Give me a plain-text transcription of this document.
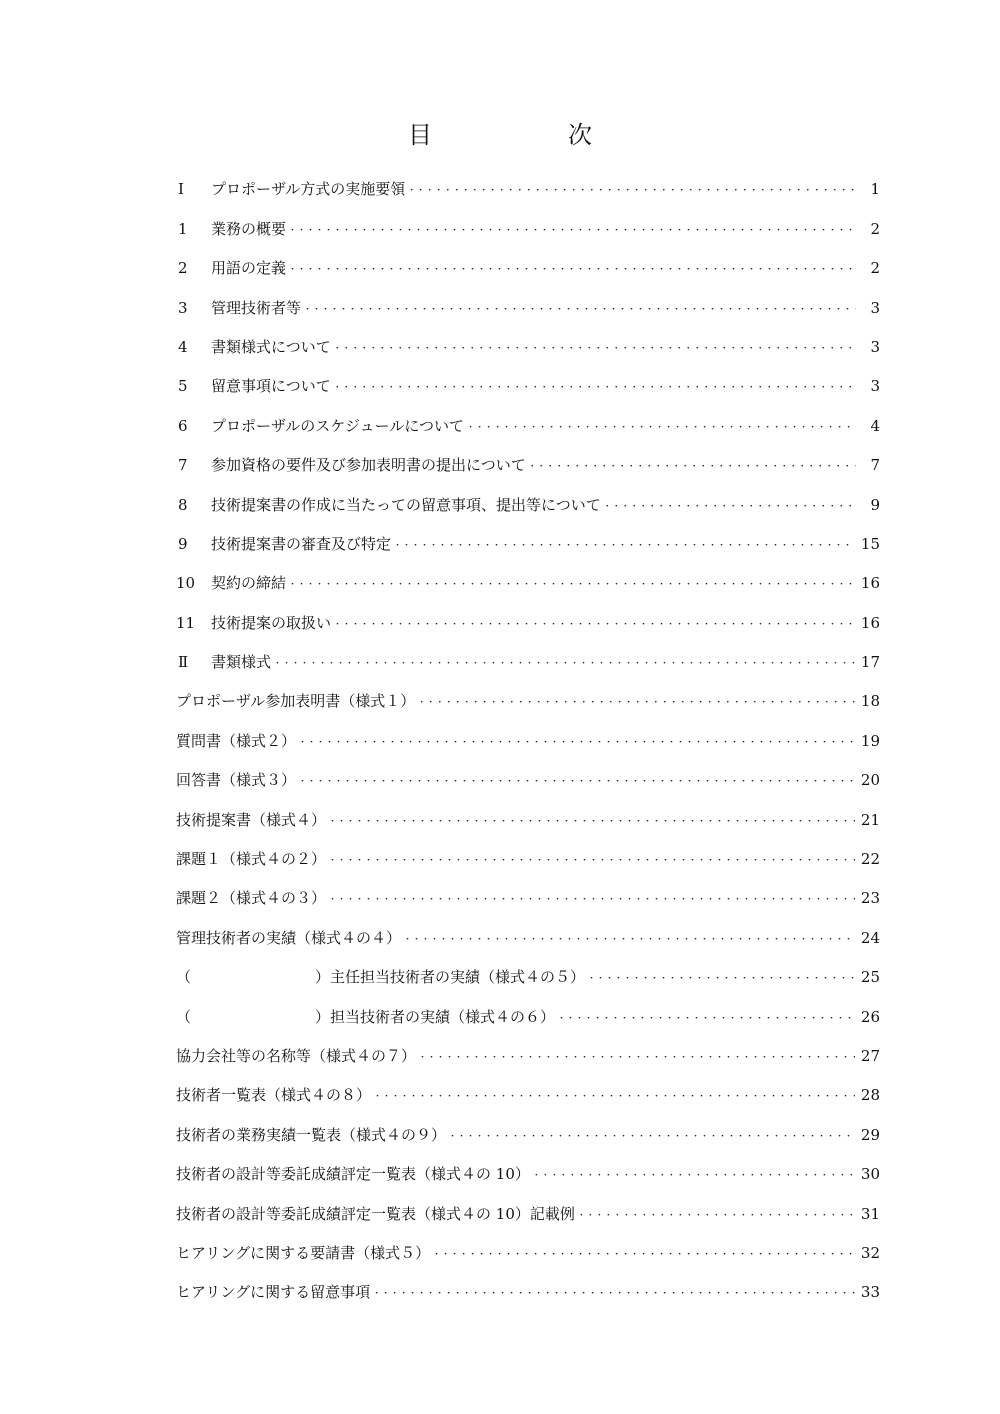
目　次
Ⅰ	プロポーザル方式の実施要領 ・・・・・・・・・・・・・・・・・・・・・・・・・・・・・・・・・・・・・・・・・・・・・・・・・・・・・・・・・・・・・・・・・・・・・・・・・・・・・・・・・・・・・・・・・	1
1	業務の概要 ・・・・・・・・・・・・・・・・・・・・・・・・・・・・・・・・・・・・・・・・・・・・・・・・・・・・・・・・・・・・・・・・・・・・・・・・・・・・・・・・・・・・・・・・・	2
2	用語の定義 ・・・・・・・・・・・・・・・・・・・・・・・・・・・・・・・・・・・・・・・・・・・・・・・・・・・・・・・・・・・・・・・・・・・・・・・・・・・・・・・・・・・・・・・・・	2
3	管理技術者等 ・・・・・・・・・・・・・・・・・・・・・・・・・・・・・・・・・・・・・・・・・・・・・・・・・・・・・・・・・・・・・・・・・・・・・・・・・・・・・・・・・・・・・・・・・	3
4	書類様式について ・・・・・・・・・・・・・・・・・・・・・・・・・・・・・・・・・・・・・・・・・・・・・・・・・・・・・・・・・・・・・・・・・・・・・・・・・・・・・・・・・・・・・・・・・	3
5	留意事項について ・・・・・・・・・・・・・・・・・・・・・・・・・・・・・・・・・・・・・・・・・・・・・・・・・・・・・・・・・・・・・・・・・・・・・・・・・・・・・・・・・・・・・・・・・	3
6	プロポーザルのスケジュールについて ・・・・・・・・・・・・・・・・・・・・・・・・・・・・・・・・・・・・・・・・・・・・・・・・・・・・・・・・・・・・・・・・・・・・・・・・・・・・・・・・・・・・・・・・・	4
7	参加資格の要件及び参加表明書の提出について ・・・・・・・・・・・・・・・・・・・・・・・・・・・・・・・・・・・・・・・・・・・・・・・・・・・・・・・・・・・・・・・・・・・・・・・・・・・・・・・・・・・・・・・・・	7
8	技術提案書の作成に当たっての留意事項、提出等について ・・・・・・・・・・・・・・・・・・・・・・・・・・・・・・・・・・・・・・・・・・・・・・・・・・・・・・・・・・・・・・・・・・・・・・・・・・・・・・・・・・・・・・・・・	9
9	技術提案書の審査及び特定 ・・・・・・・・・・・・・・・・・・・・・・・・・・・・・・・・・・・・・・・・・・・・・・・・・・・・・・・・・・・・・・・・・・・・・・・・・・・・・・・・・・・・・・・・・	15
10	契約の締結 ・・・・・・・・・・・・・・・・・・・・・・・・・・・・・・・・・・・・・・・・・・・・・・・・・・・・・・・・・・・・・・・・・・・・・・・・・・・・・・・・・・・・・・・・・	16
11	技術提案の取扱い ・・・・・・・・・・・・・・・・・・・・・・・・・・・・・・・・・・・・・・・・・・・・・・・・・・・・・・・・・・・・・・・・・・・・・・・・・・・・・・・・・・・・・・・・・	16
Ⅱ	書類様式 ・・・・・・・・・・・・・・・・・・・・・・・・・・・・・・・・・・・・・・・・・・・・・・・・・・・・・・・・・・・・・・・・・・・・・・・・・・・・・・・・・・・・・・・・・	17
プロポーザル参加表明書（様式１） ・・・・・・・・・・・・・・・・・・・・・・・・・・・・・・・・・・・・・・・・・・・・・・・・・・・・・・・・・・・・・・・・・・・・・・・・・・・・・・・・・・・・・・・・・	18
質問書（様式２） ・・・・・・・・・・・・・・・・・・・・・・・・・・・・・・・・・・・・・・・・・・・・・・・・・・・・・・・・・・・・・・・・・・・・・・・・・・・・・・・・・・・・・・・・・	19
回答書（様式３） ・・・・・・・・・・・・・・・・・・・・・・・・・・・・・・・・・・・・・・・・・・・・・・・・・・・・・・・・・・・・・・・・・・・・・・・・・・・・・・・・・・・・・・・・・	20
技術提案書（様式４） ・・・・・・・・・・・・・・・・・・・・・・・・・・・・・・・・・・・・・・・・・・・・・・・・・・・・・・・・・・・・・・・・・・・・・・・・・・・・・・・・・・・・・・・・・	21
課題１（様式４の２） ・・・・・・・・・・・・・・・・・・・・・・・・・・・・・・・・・・・・・・・・・・・・・・・・・・・・・・・・・・・・・・・・・・・・・・・・・・・・・・・・・・・・・・・・・	22
課題２（様式４の３） ・・・・・・・・・・・・・・・・・・・・・・・・・・・・・・・・・・・・・・・・・・・・・・・・・・・・・・・・・・・・・・・・・・・・・・・・・・・・・・・・・・・・・・・・・	23
管理技術者の実績（様式４の４） ・・・・・・・・・・・・・・・・・・・・・・・・・・・・・・・・・・・・・・・・・・・・・・・・・・・・・・・・・・・・・・・・・・・・・・・・・・・・・・・・・・・・・・・・・	24
（	）主任担当技術者の実績（様式４の５） ・・・・・・・・・・・・・・・・・・・・・・・・・・・・・・・・・・・・・・・・・・・・・・・・・・・・・・・・・・・・・・・・・・・・・・・・・・・・・・・・・・・・・・・・・	25
（	）担当技術者の実績（様式４の６） ・・・・・・・・・・・・・・・・・・・・・・・・・・・・・・・・・・・・・・・・・・・・・・・・・・・・・・・・・・・・・・・・・・・・・・・・・・・・・・・・・・・・・・・・・	26
協力会社等の名称等（様式４の７） ・・・・・・・・・・・・・・・・・・・・・・・・・・・・・・・・・・・・・・・・・・・・・・・・・・・・・・・・・・・・・・・・・・・・・・・・・・・・・・・・・・・・・・・・・	27
技術者一覧表（様式４の８） ・・・・・・・・・・・・・・・・・・・・・・・・・・・・・・・・・・・・・・・・・・・・・・・・・・・・・・・・・・・・・・・・・・・・・・・・・・・・・・・・・・・・・・・・・	28
技術者の業務実績一覧表（様式４の９） ・・・・・・・・・・・・・・・・・・・・・・・・・・・・・・・・・・・・・・・・・・・・・・・・・・・・・・・・・・・・・・・・・・・・・・・・・・・・・・・・・・・・・・・・・	29
技術者の設計等委託成績評定一覧表（様式４の 10） ・・・・・・・・・・・・・・・・・・・・・・・・・・・・・・・・・・・・・・・・・・・・・・・・・・・・・・・・・・・・・・・・・・・・・・・・・・・・・・・・・・・・・・・・・	30
技術者の設計等委託成績評定一覧表（様式４の 10）記載例 ・・・・・・・・・・・・・・・・・・・・・・・・・・・・・・・・・・・・・・・・・・・・・・・・・・・・・・・・・・・・・・・・・・・・・・・・・・・・・・・・・・・・・・・・・	31
ヒアリングに関する要請書（様式５） ・・・・・・・・・・・・・・・・・・・・・・・・・・・・・・・・・・・・・・・・・・・・・・・・・・・・・・・・・・・・・・・・・・・・・・・・・・・・・・・・・・・・・・・・・	32
ヒアリングに関する留意事項 ・・・・・・・・・・・・・・・・・・・・・・・・・・・・・・・・・・・・・・・・・・・・・・・・・・・・・・・・・・・・・・・・・・・・・・・・・・・・・・・・・・・・・・・・・	33
